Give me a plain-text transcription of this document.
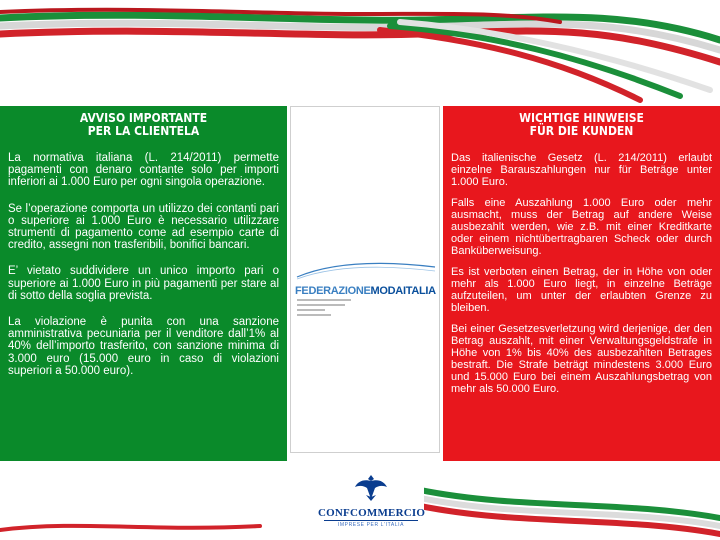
AVVISO IMPORTANTE
PER LA CLIENTELA

La normativa italiana (L. 214/2011) permette pagamenti con denaro contante solo per importi inferiori ai 1.000 Euro per ogni singola operazione.

Se l’operazione comporta un utilizzo dei contanti pari o superiore ai 1.000 Euro è necessario utilizzare strumenti di pagamento come ad esempio carte di credito, assegni non trasferibili, bonifici bancari.

E’ vietato suddividere un unico importo pari o superiore ai 1.000 Euro in più pagamenti per stare al di sotto della soglia prevista.

La violazione è punita con una sanzione amministrativa pecuniaria per il venditore dall’1% al 40% dell’importo trasferito, con sanzione minima di 3.000 euro (15.000 euro in caso di violazioni superiori a 50.000 euro).

FEDERAZIONEMODAITALIA
WICHTIGE HINWEISE
FÜR DIE KUNDEN

Das italienische Gesetz (L. 214/2011) erlaubt einzelne Barauszahlungen nur für Beträge unter 1.000 Euro.

Falls eine Auszahlung 1.000 Euro oder mehr ausmacht, muss der Betrag auf andere Weise ausbezahlt werden, wie z.B. mit einer Kreditkarte oder einem nichtübertragbaren Scheck oder durch Banküberweisung.

Es ist verboten einen Betrag, der in Höhe von oder mehr als 1.000 Euro liegt, in einzelne Beträge aufzuteilen, um unter der erlaubten Grenze zu bleiben.

Bei einer Gesetzesverletzung wird derjenige, der den Betrag auszahlt, mit einer Verwaltungsgeldstrafe in Höhe von 1% bis 40% des ausbezahlten Betrages bestraft. Die Strafe beträgt mindestens 3.000 Euro und 15.000 Euro bei einem Auszahlungsbetrag von mehr als 50.000 Euro.

CONFCOMMERCIO
IMPRESE PER L'ITALIA
